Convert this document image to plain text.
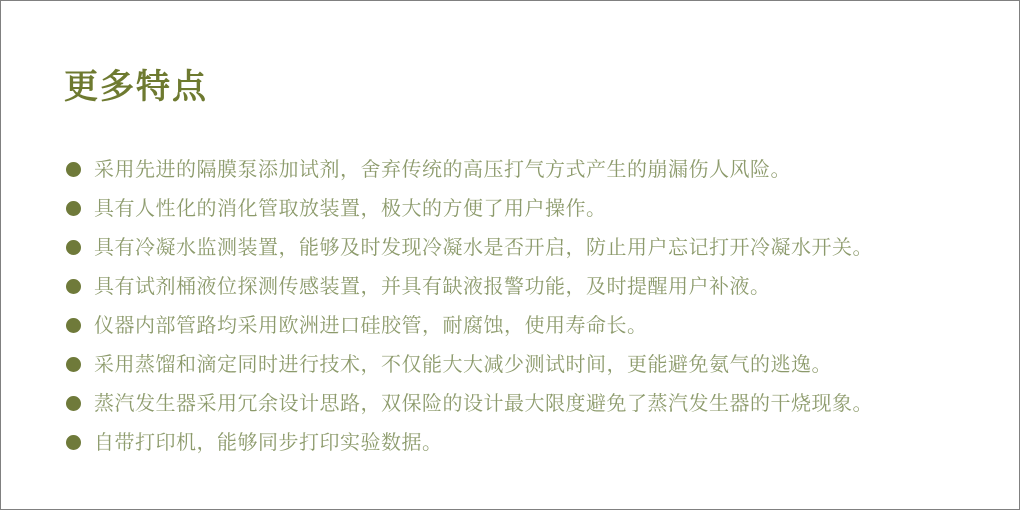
更多特点
采用先进的隔膜泵添加试剂，舍弃传统的高压打气方式产生的崩漏伤人风险。
具有人性化的消化管取放装置，极大的方便了用户操作。
具有冷凝水监测装置，能够及时发现冷凝水是否开启，防止用户忘记打开冷凝水开关。
具有试剂桶液位探测传感装置，并具有缺液报警功能，及时提醒用户补液。
仪器内部管路均采用欧洲进口硅胶管，耐腐蚀，使用寿命长。
采用蒸馏和滴定同时进行技术，不仅能大大减少测试时间，更能避免氨气的逃逸。
蒸汽发生器采用冗余设计思路，双保险的设计最大限度避免了蒸汽发生器的干烧现象。
自带打印机，能够同步打印实验数据。
